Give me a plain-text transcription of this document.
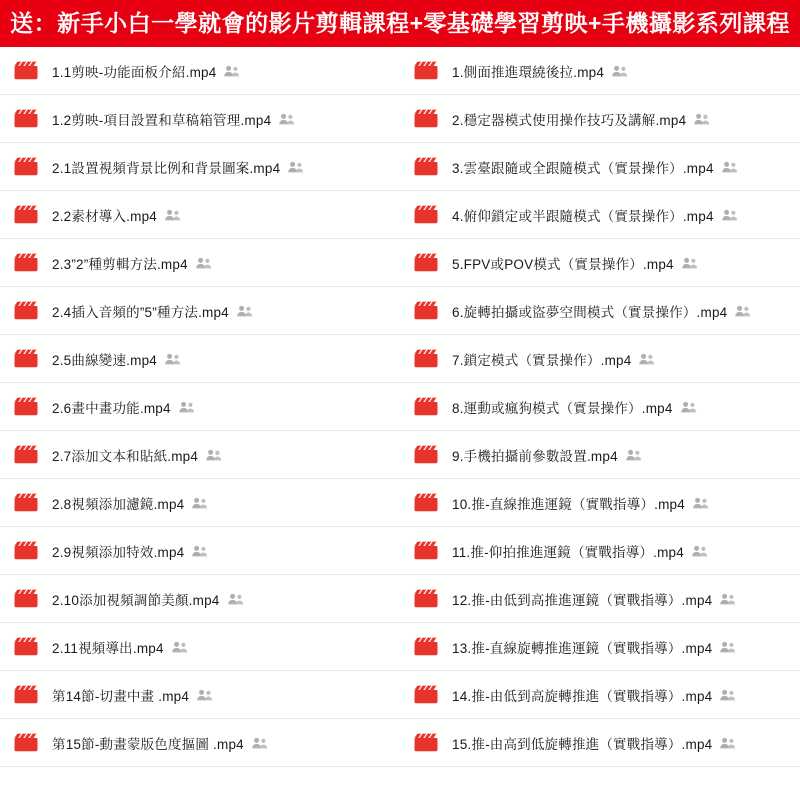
送：新手小白一學就會的影片剪輯課程+零基礎學習剪映+手機攝影系列課程
1.1剪映-功能面板介紹.mp4
1.2剪映-項目設置和草稿箱管理.mp4
2.1設置視頻背景比例和背景圖案.mp4
2.2素材導入.mp4
2.3”2”種剪輯方法.mp4
2.4插入音頻的”5”種方法.mp4
2.5曲線變速.mp4
2.6畫中畫功能.mp4
2.7添加文本和貼紙.mp4
2.8視頻添加濾鏡.mp4
2.9視頻添加特效.mp4
2.10添加視頻調節美顏.mp4
2.11視頻導出.mp4
第14節-切畫中畫 .mp4
第15節-動畫蒙版色度摳圖 .mp4
1.側面推進環繞後拉.mp4
2.穩定器模式使用操作技巧及講解.mp4
3.雲臺跟隨或全跟隨模式（實景操作）.mp4
4.俯仰鎖定或半跟隨模式（實景操作）.mp4
5.FPV或POV模式（實景操作）.mp4
6.旋轉拍攝或盜夢空間模式（實景操作）.mp4
7.鎖定模式（實景操作）.mp4
8.運動或瘋狗模式（實景操作）.mp4
9.手機拍攝前參數設置.mp4
10.推-直線推進運鏡（實戰指導）.mp4
11.推-仰拍推進運鏡（實戰指導）.mp4
12.推-由低到高推進運鏡（實戰指導）.mp4
13.推-直線旋轉推進運鏡（實戰指導）.mp4
14.推-由低到高旋轉推進（實戰指導）.mp4
15.推-由高到低旋轉推進（實戰指導）.mp4
